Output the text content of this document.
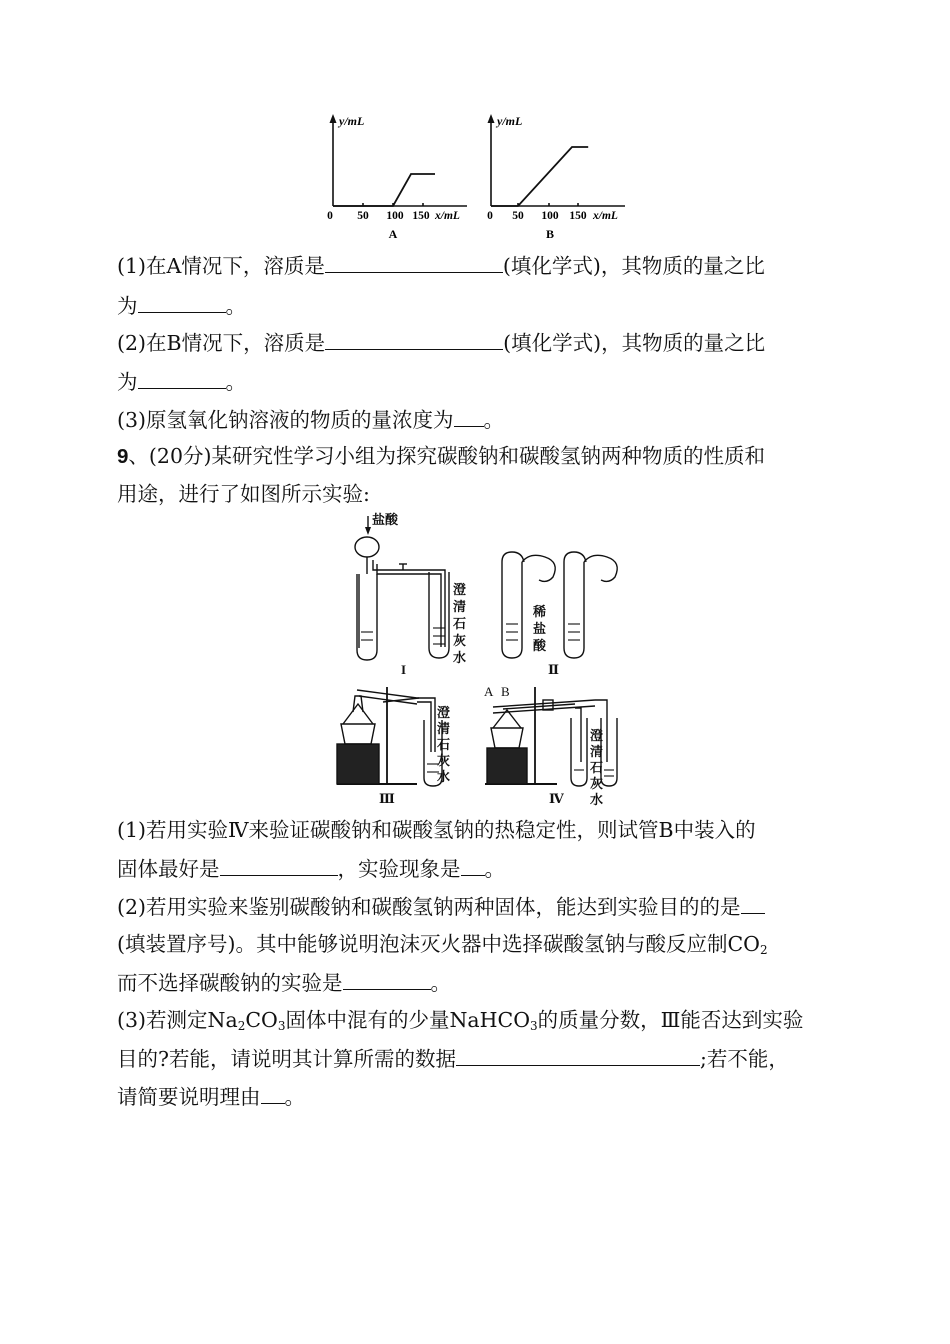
y/mL
0 50 100 150 x/mL
A
y/mL
0 50 100 150 x/mL
B
(1)在A情况下，溶质是	(填化学式)，其物质的量之比
为	。
(2)在B情况下，溶质是	(填化学式)，其物质的量之比
为	。
(3)原氢氧化钠溶液的物质的量浓度为 。
9、(20分)某研究性学习小组为探究碳酸钠和碳酸氢钠两种物质的性质和
用途，进行了如图所示实验:
盐酸
澄
清
石
灰
水
稀
盐
酸
澄
清
石
灰
水
澄
清
石
灰
水
I	Ⅱ
Ⅲ	Ⅳ
A B
(1)若用实验Ⅳ来验证碳酸钠和碳酸氢钠的热稳定性，则试管B中装入的
固体最好是	，实验现象是 。
(2)若用实验来鉴别碳酸钠和碳酸氢钠两种固体，能达到实验目的的是
(填装置序号)。其中能够说明泡沫灭火器中选择碳酸氢钠与酸反应制$CO_2$
而不选择碳酸钠的实验是	。
(3)若测定$Na_2CO_3$固体中混有的少量NaHCO$_3$的质量分数，Ⅲ能否达到实验
目的?若能，请说明其计算所需的数据	;若不能，
请简要说明理由 。
